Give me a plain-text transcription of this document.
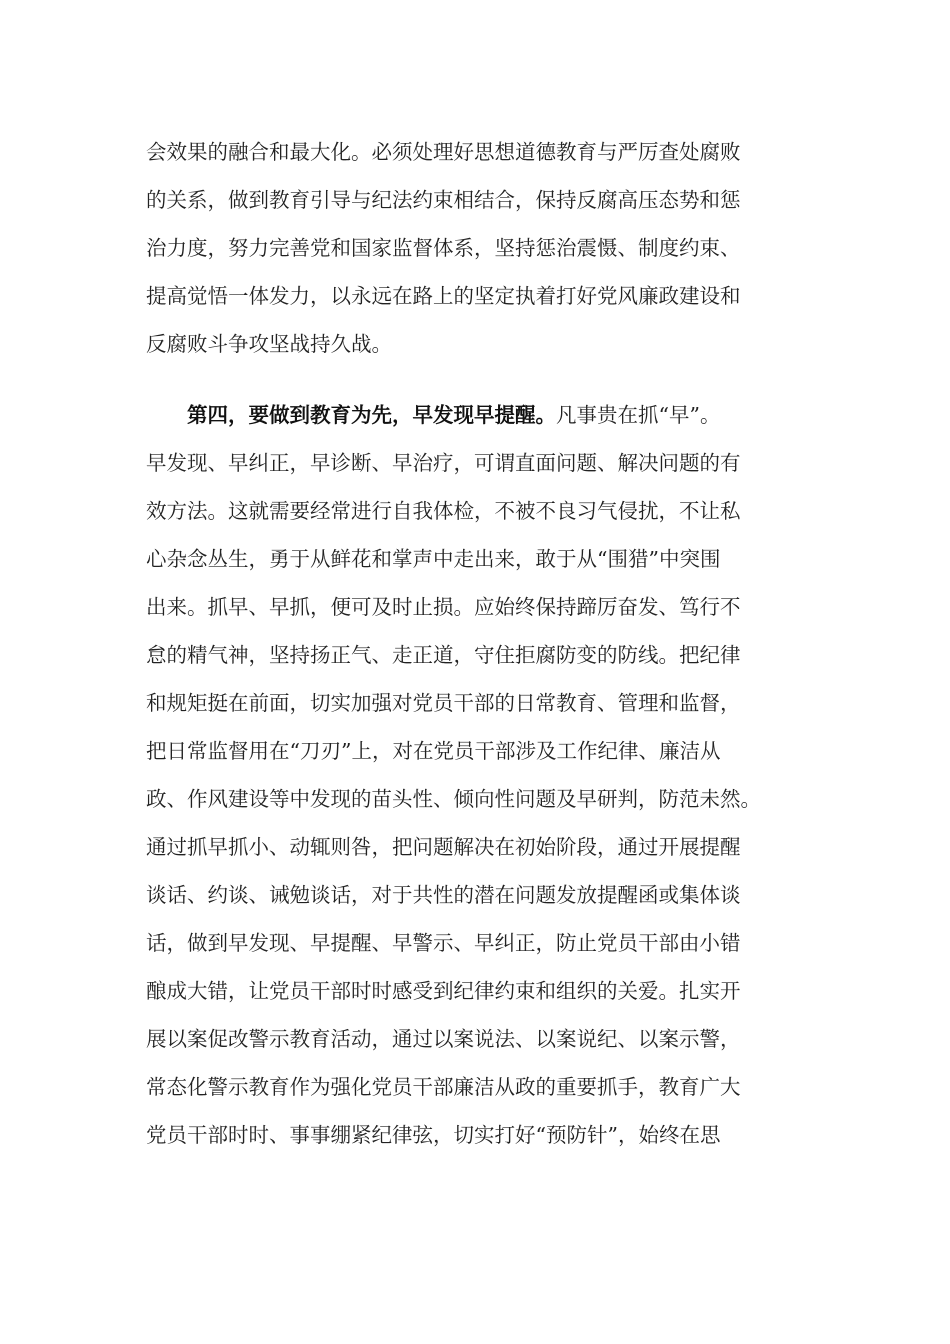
会效果的融合和最大化。必须处理好思想道德教育与严厉查处腐败
的关系，做到教育引导与纪法约束相结合，保持反腐高压态势和惩
治力度，努力完善党和国家监督体系，坚持惩治震慑、制度约束、
提高觉悟一体发力，以永远在路上的坚定执着打好党风廉政建设和
反腐败斗争攻坚战持久战。
第四，要做到教育为先，早发现早提醒。凡事贵在抓“早”。
早发现、早纠正，早诊断、早治疗，可谓直面问题、解决问题的有
效方法。这就需要经常进行自我体检，不被不良习气侵扰，不让私
心杂念丛生，勇于从鲜花和掌声中走出来，敢于从“围猎”中突围
出来。抓早、早抓，便可及时止损。应始终保持蹄厉奋发、笃行不
怠的精气神，坚持扬正气、走正道，守住拒腐防变的防线。把纪律
和规矩挺在前面，切实加强对党员干部的日常教育、管理和监督，
把日常监督用在“刀刃”上，对在党员干部涉及工作纪律、廉洁从
政、作风建设等中发现的苗头性、倾向性问题及早研判，防范未然。
通过抓早抓小、动辄则咎，把问题解决在初始阶段，通过开展提醒
谈话、约谈、诫勉谈话，对于共性的潜在问题发放提醒函或集体谈
话，做到早发现、早提醒、早警示、早纠正，防止党员干部由小错
酿成大错，让党员干部时时感受到纪律约束和组织的关爱。扎实开
展以案促改警示教育活动，通过以案说法、以案说纪、以案示警，
常态化警示教育作为强化党员干部廉洁从政的重要抓手，教育广大
党员干部时时、事事绷紧纪律弦，切实打好“预防针”，始终在思
